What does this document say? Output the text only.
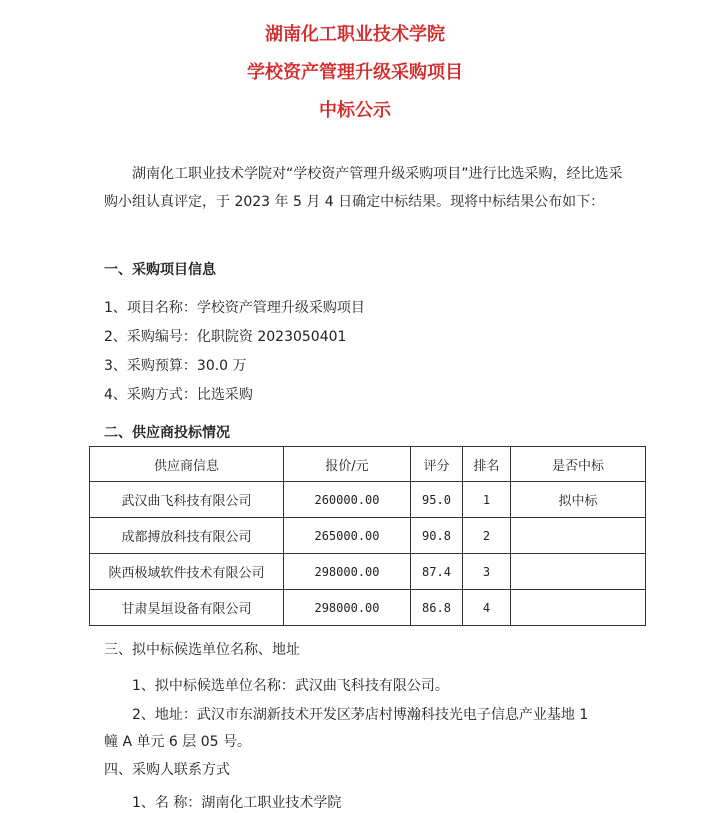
湖南化工职业技术学院
学校资产管理升级采购项目
中标公示
湖南化工职业技术学院对“学校资产管理升级采购项目”进行比选采购，经比选采购小组认真评定，于 2023 年 5 月 4 日确定中标结果。现将中标结果公布如下：
一、采购项目信息
1、项目名称：学校资产管理升级采购项目
2、采购编号：化职院资 2023050401
3、采购预算：30.0 万
4、采购方式：比选采购
二、供应商投标情况
供应商信息	报价/元	评分	排名	是否中标
武汉曲飞科技有限公司	260000.00	95.0	1	拟中标
成都搏放科技有限公司	265000.00	90.8	2	
陕西极域软件技术有限公司	298000.00	87.4	3	
甘肃昊垣设备有限公司	298000.00	86.8	4	
三、拟中标候选单位名称、地址
1、拟中标候选单位名称：武汉曲飞科技有限公司。
2、地址：武汉市东湖新技术开发区茅店村博瀚科技光电子信息产业基地 1
幢 A 单元 6 层 05 号。
四、采购人联系方式
1、名 称：湖南化工职业技术学院
